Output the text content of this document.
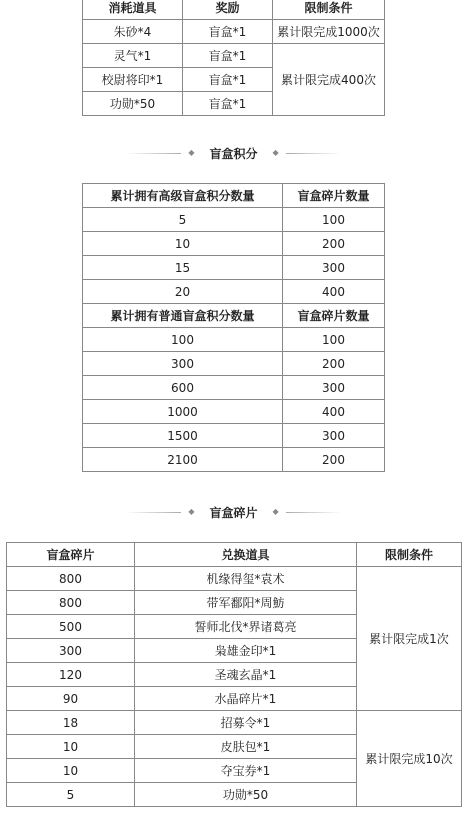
消耗道具	奖励	限制条件
朱砂*4	盲盒*1	累计限完成1000次
灵气*1	盲盒*1	累计限完成400次
校尉将印*1	盲盒*1	
功勋*50	盲盒*1	
◆ 盲盒积分 ◆
累计拥有高级盲盒积分数量	盲盒碎片数量
5	100
10	200
15	300
20	400
累计拥有普通盲盒积分数量	盲盒碎片数量
100	100
300	200
600	300
1000	400
1500	300
2100	200
◆ 盲盒碎片 ◆
盲盒碎片	兑换道具	限制条件
800	机缘得玺*袁术	累计限完成1次
800	带军鄱阳*周魴	
500	誓师北伐*界诸葛亮	
300	枭雄金印*1	
120	圣魂玄晶*1	
90	水晶碎片*1	
18	招募令*1	累计限完成10次
10	皮肤包*1	
10	夺宝券*1	
5	功勋*50	
